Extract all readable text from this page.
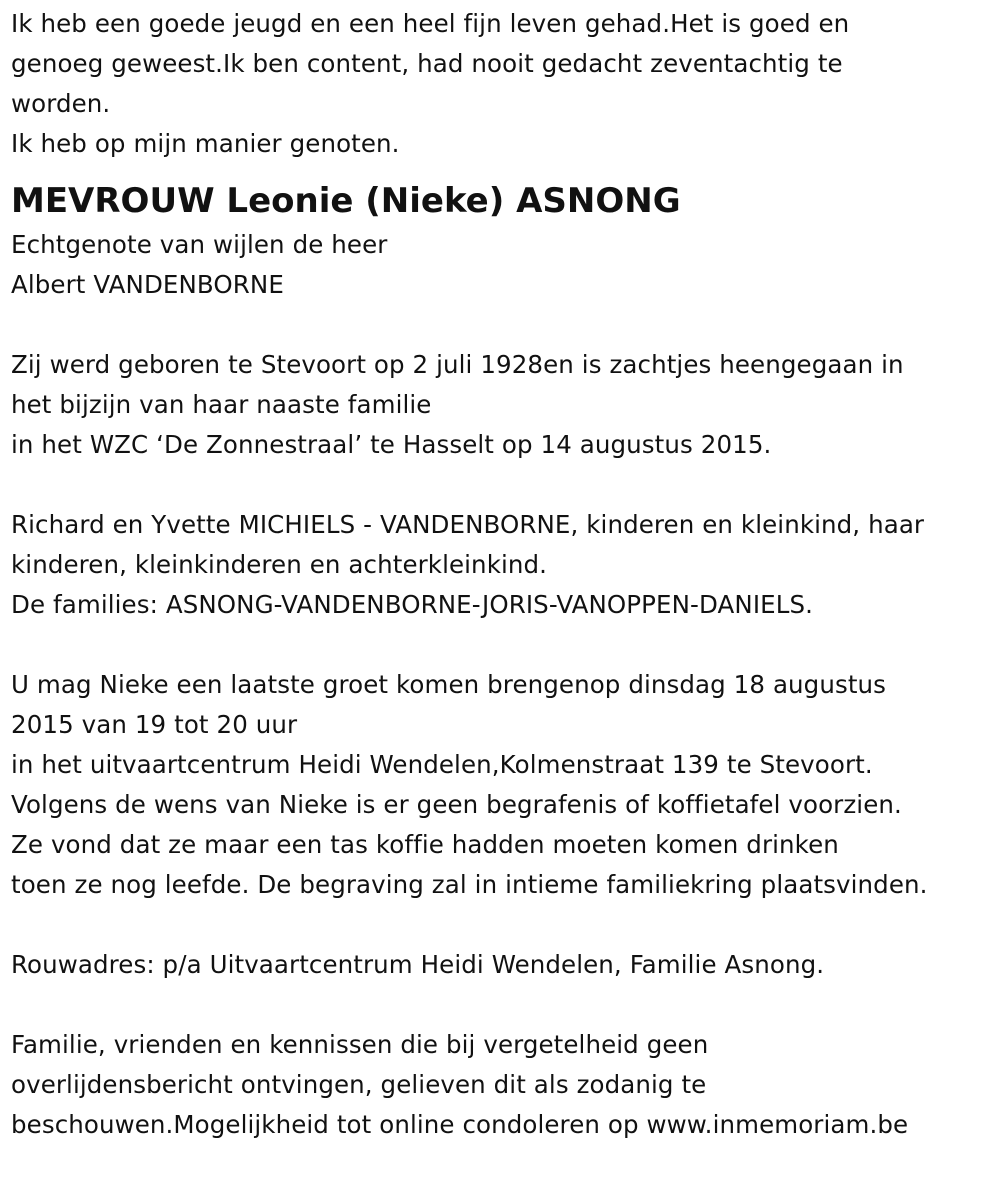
Ik heb een goede jeugd en een heel fijn leven gehad.Het is goed en
genoeg geweest.Ik ben content, had nooit gedacht zeventachtig te
worden.
Ik heb op mijn manier genoten.
MEVROUW Leonie (Nieke) ASNONG
Echtgenote van wijlen de heer
Albert VANDENBORNE
Zij werd geboren te Stevoort op 2 juli 1928en is zachtjes heengegaan in
het bijzijn van haar naaste familie
in het WZC ‘De Zonnestraal’ te Hasselt op 14 augustus 2015.
Richard en Yvette MICHIELS - VANDENBORNE, kinderen en kleinkind, haar
kinderen, kleinkinderen en achterkleinkind.
De families: ASNONG-VANDENBORNE-JORIS-VANOPPEN-DANIELS.
U mag Nieke een laatste groet komen brengenop dinsdag 18 augustus
2015 van 19 tot 20 uur
in het uitvaartcentrum Heidi Wendelen,Kolmenstraat 139 te Stevoort.
Volgens de wens van Nieke is er geen begrafenis of koffietafel voorzien.
Ze vond dat ze maar een tas koffie hadden moeten komen drinken
toen ze nog leefde. De begraving zal in intieme familiekring plaatsvinden.
Rouwadres: p/a Uitvaartcentrum Heidi Wendelen, Familie Asnong.
Familie, vrienden en kennissen die bij vergetelheid geen
overlijdensbericht ontvingen, gelieven dit als zodanig te
beschouwen.Mogelijkheid tot online condoleren op www.inmemoriam.be
